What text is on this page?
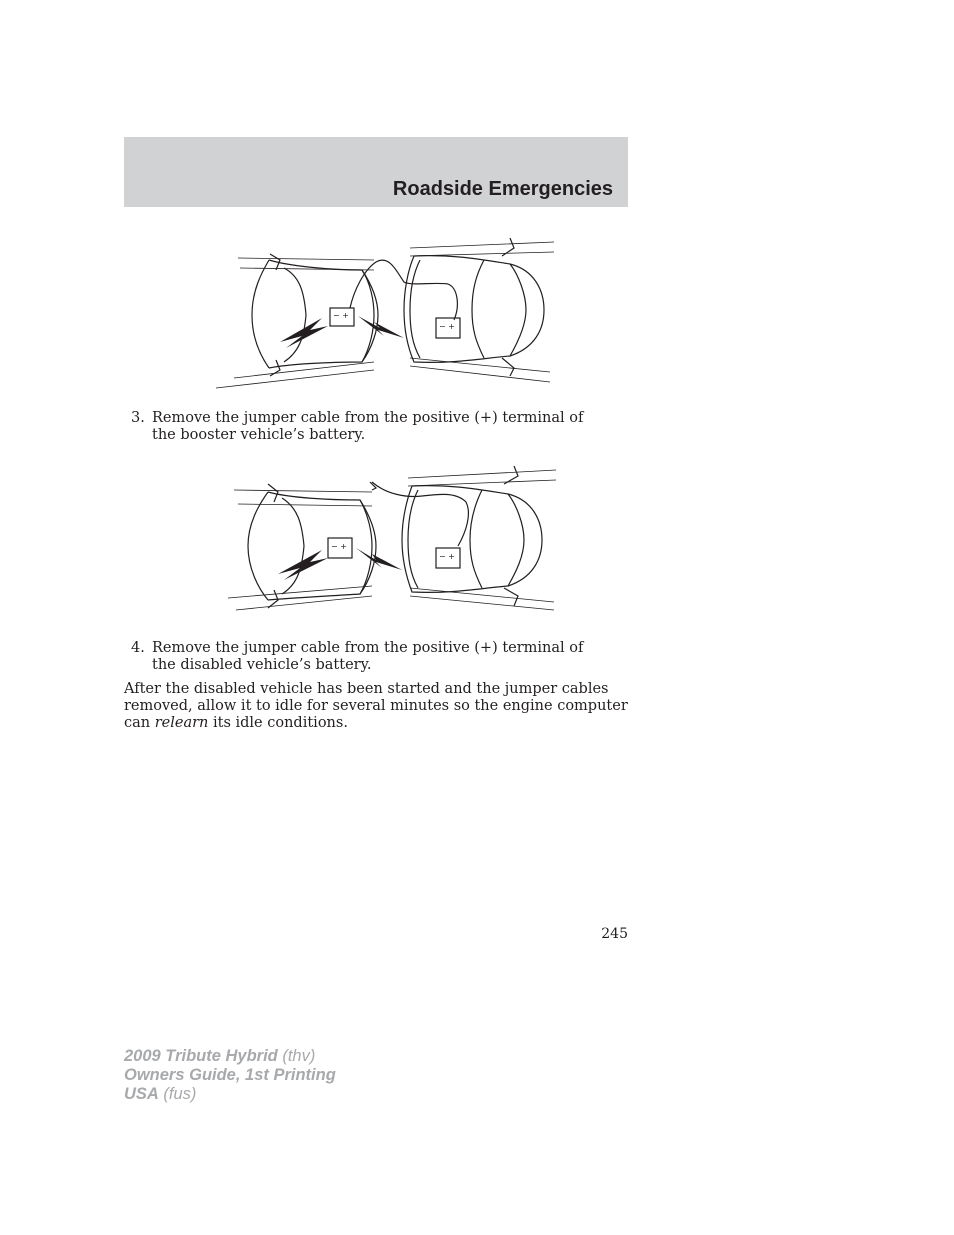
Roadside Emergencies
− +
− +
3. Remove the jumper cable from the positive (+) terminal of the booster vehicle’s battery.
− +
− +
4. Remove the jumper cable from the positive (+) terminal of the disabled vehicle’s battery.
After the disabled vehicle has been started and the jumper cables removed, allow it to idle for several minutes so the engine computer can relearn its idle conditions.
245
2009 Tribute Hybrid (thv)
Owners Guide, 1st Printing
USA (fus)
